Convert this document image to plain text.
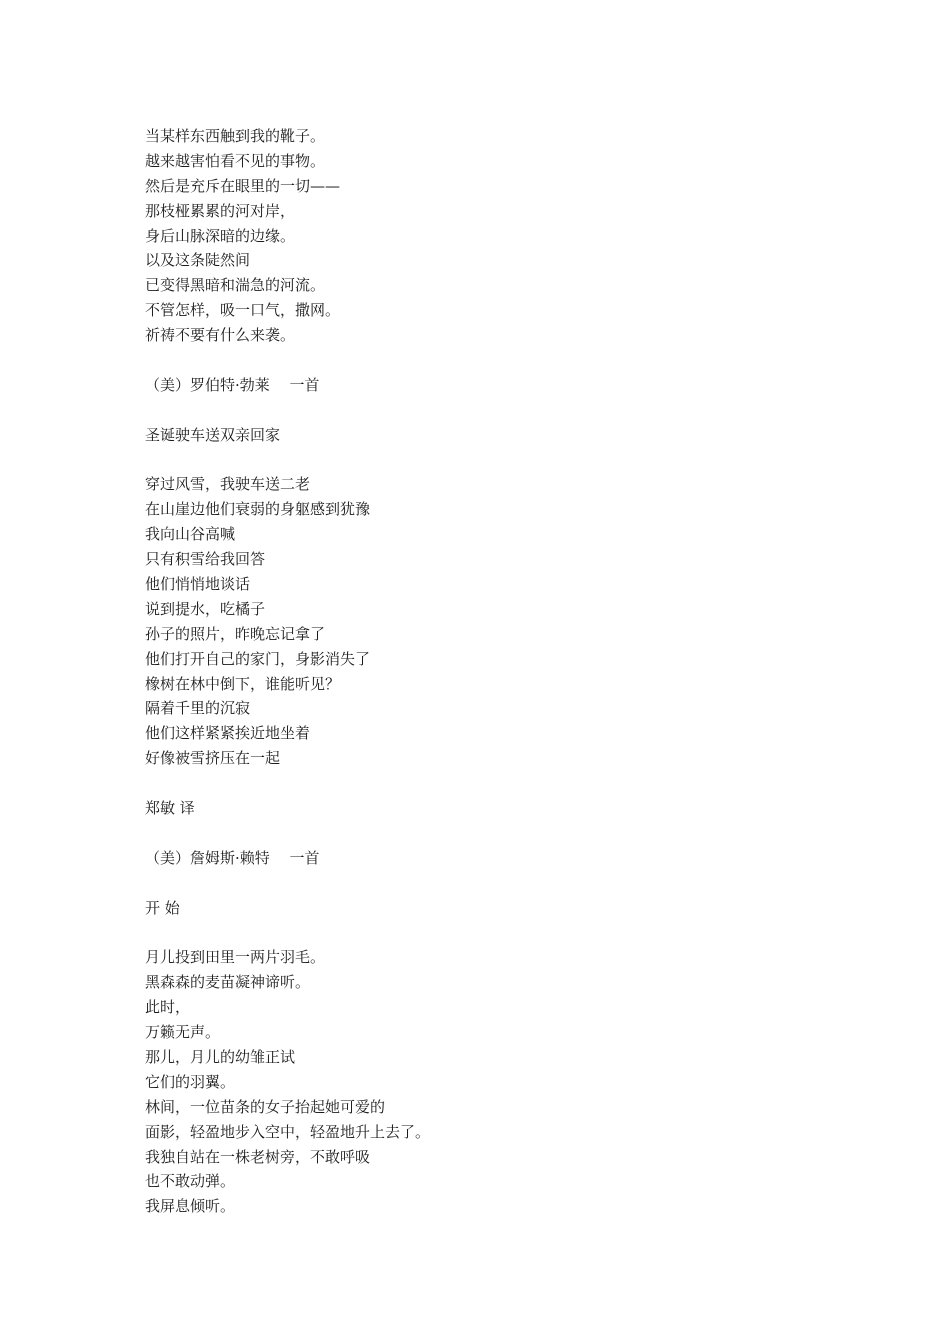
当某样东西触到我的靴子。
越来越害怕看不见的事物。
然后是充斥在眼里的一切——
那枝桠累累的河对岸，
身后山脉深暗的边缘。
以及这条陡然间
已变得黑暗和湍急的河流。
不管怎样，吸一口气，撒网。
祈祷不要有什么来袭。
（美）罗伯特·勃莱　 一首
圣诞驶车送双亲回家
穿过风雪，我驶车送二老
在山崖边他们衰弱的身躯感到犹豫
我向山谷高喊
只有积雪给我回答
他们悄悄地谈话
说到提水，吃橘子
孙子的照片，昨晚忘记拿了
他们打开自己的家门，身影消失了
橡树在林中倒下，谁能听见？
隔着千里的沉寂
他们这样紧紧挨近地坐着
好像被雪挤压在一起
郑敏 译
（美）詹姆斯·赖特　 一首
开 始
月儿投到田里一两片羽毛。
黑森森的麦苗凝神谛听。
此时，
万籁无声。
那儿，月儿的幼雏正试
它们的羽翼。
林间，一位苗条的女子抬起她可爱的
面影，轻盈地步入空中，轻盈地升上去了。
我独自站在一株老树旁，不敢呼吸
也不敢动弹。
我屏息倾听。
